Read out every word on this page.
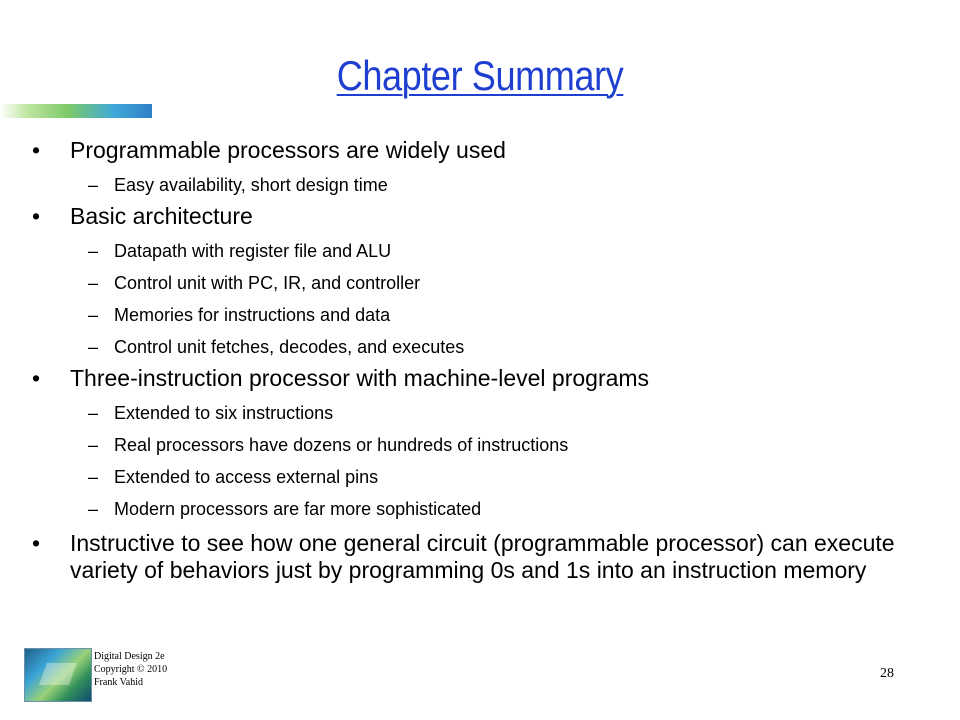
Chapter Summary
• Programmable processors are widely used
– Easy availability, short design time
• Basic architecture
– Datapath with register file and ALU
– Control unit with PC, IR, and controller
– Memories for instructions and data
– Control unit fetches, decodes, and executes
• Three-instruction processor with machine-level programs
– Extended to six instructions
– Real processors have dozens or hundreds of instructions
– Extended to access external pins
– Modern processors are far more sophisticated
• Instructive to see how one general circuit (programmable processor) can execute variety of behaviors just by programming 0s and 1s into an instruction memory
Digital Design 2e
Copyright © 2010
Frank Vahid
28
